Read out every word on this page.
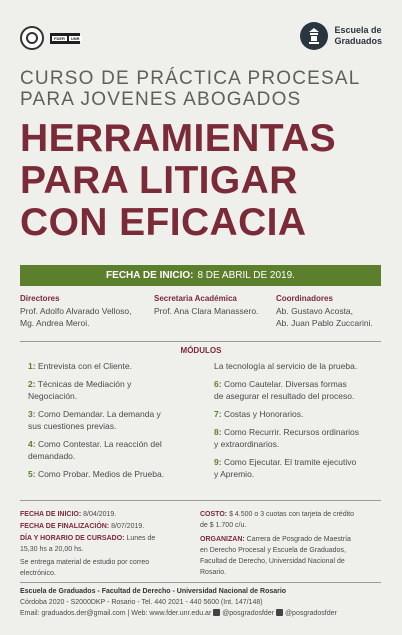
FDER	UNR
Escuela de
Graduados
CURSO DE PRÁCTICA PROCESAL
PARA JOVENES ABOGADOS
HERRAMIENTAS
PARA LITIGAR
CON EFICACIA
FECHA DE INICIO: 8 DE ABRIL DE 2019.
Directores
Prof. Adolfo Alvarado Velloso,
Mg. Andrea Meroi.
Secretaria Académica
Prof. Ana Clara Manassero.
Coordinadores
Ab. Gustavo Acosta,
Ab. Juan Pablo Zuccarini.
MÓDULOS
1: Entrevista con el Cliente.
2: Técnicas de Mediación y
Negociación.
3: Como Demandar. La demanda y
sus cuestiones previas.
4: Como Contestar. La reacción del
demandado.
5: Como Probar. Medios de Prueba.
La tecnología al servicio de la prueba.
6: Como Cautelar. Diversas formas
de asegurar el resultado del proceso.
7: Costas y Honorarios.
8: Como Recurrir. Recursos ordinarios
y extraordinarios.
9: Como Ejecutar. El tramite ejecutivo
y Apremio.
FECHA DE INICIO: 8/04/2019.
FECHA DE FINALIZACIÓN: 8/07/2019.
DÍA Y HORARIO DE CURSADO: Lunes de
15,30 hs a 20,00 hs.
Se entrega material de estudio por correo
electrónico.
COSTO: $ 4.500 o 3 cuotas con tarjeta de crédito
de $ 1.700 c/u.
ORGANIZAN: Carrera de Posgrado de Maestría
en Derecho Procesal y Escuela de Graduados,
Facultad de Derecho, Universidad Nacional de
Rosario.
Escuela de Graduados - Facultad de Derecho - Universidad Nacional de Rosario
Córdoba 2020 - S2000DKP - Rosario - Tel. 440 2021 - 440 5600 (Int. 147/148)
Email: graduados.der@gmail.com | Web: www.fder.unr.edu.ar @posgradosfder @posgradosfder
